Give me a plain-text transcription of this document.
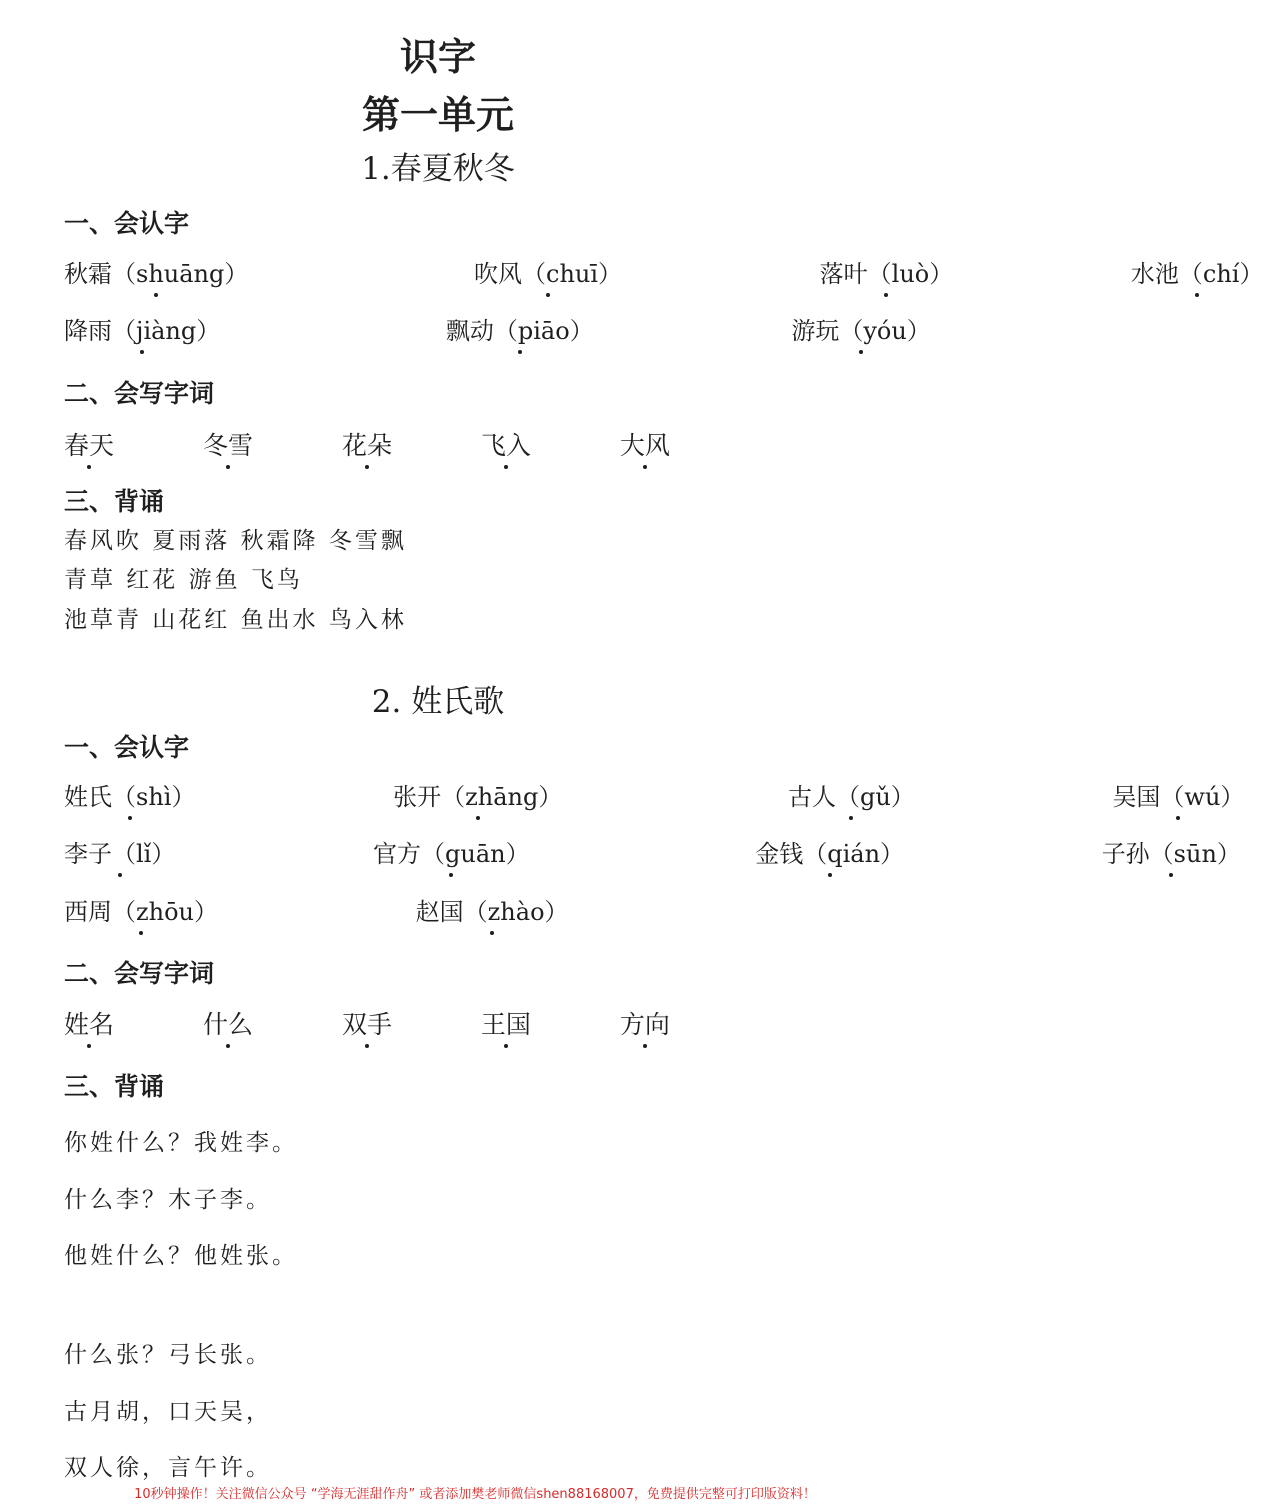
识字
第一单元
1.春夏秋冬
一、会认字
秋霜（shuāng）	吹风（chuī）	落叶（luò）	水池（chí）
降雨（jiàng）	飘动（piāo）	游玩（yóu）
二、会写字词
春天	冬雪	花朵	飞入	大风
三、背诵
春风吹 夏雨落 秋霜降 冬雪飘
青草 红花 游鱼 飞鸟
池草青 山花红 鱼出水 鸟入林
2. 姓氏歌
一、会认字
姓氏（shì）	张开（zhāng）	古人（gǔ）	吴国（wú）
李子（lǐ）	官方（guān）	金钱（qián）	子孙（sūn）
西周（zhōu）	赵国（zhào）
二、会写字词
姓名	什么	双手	王国	方向
三、背诵
你姓什么？我姓李。
什么李？木子李。
他姓什么？他姓张。
什么张？弓长张。
古月胡，口天吴，
双人徐，言午许。
10秒钟操作！关注微信公众号 “学海无涯甜作舟” 或者添加樊老师微信shen88168007，免费提供完整可打印版资料！
